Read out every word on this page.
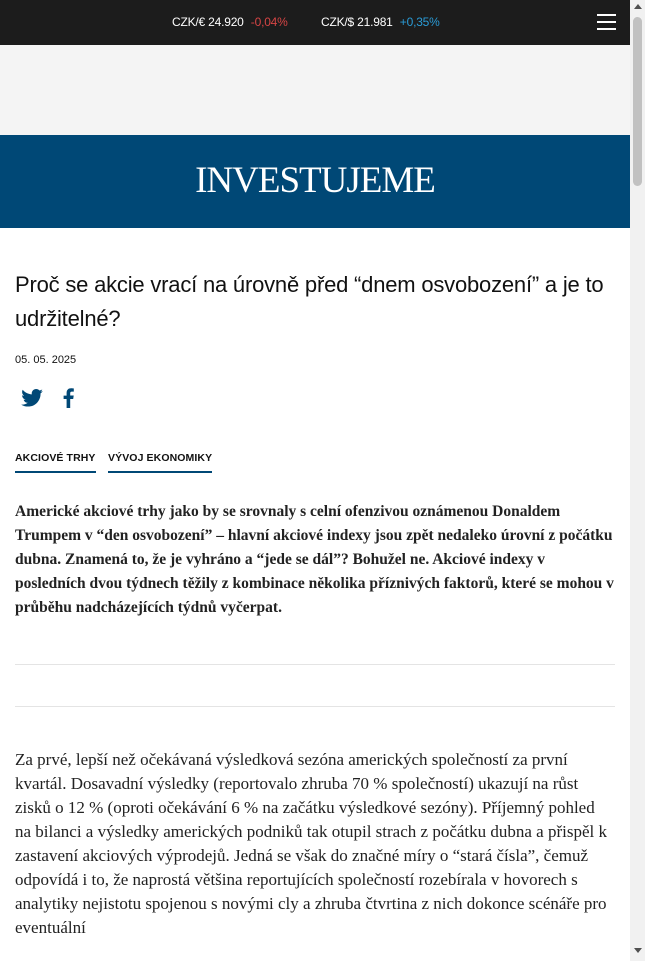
CZK/€ 24.920 -0,04%	CZK/$ 21.981 +0,35%
INVESTUJEME
Proč se akcie vrací na úrovně před “dnem osvobození” a je to udržitelné?
05. 05. 2025

AKCIOVÉ TRHY VÝVOJ EKONOMIKY

Americké akciové trhy jako by se srovnaly s celní ofenzivou oznámenou Donaldem Trumpem v “den osvobození” – hlavní akciové indexy jsou zpět nedaleko úrovní z počátku dubna. Znamená to, že je vyhráno a “jede se dál”? Bohužel ne. Akciové indexy v posledních dvou týdnech těžily z kombinace několika příznivých faktorů, které se mohou v průběhu nadcházejících týdnů vyčerpat.

Za prvé, lepší než očekávaná výsledková sezóna amerických společností za první kvartál. Dosavadní výsledky (reportovalo zhruba 70 % společností) ukazují na růst zisků o 12 % (oproti očekávání 6 % na začátku výsledkové sezóny). Příjemný pohled na bilanci a výsledky amerických podniků tak otupil strach z počátku dubna a přispěl k zastavení akciových výprodejů. Jedná se však do značné míry o “stará čísla”, čemuž odpovídá i to, že naprostá většina reportujících společností rozebírala v hovorech s analytiky nejistotu spojenou s novými cly a zhruba čtvrtina z nich dokonce scénáře pro eventuální
